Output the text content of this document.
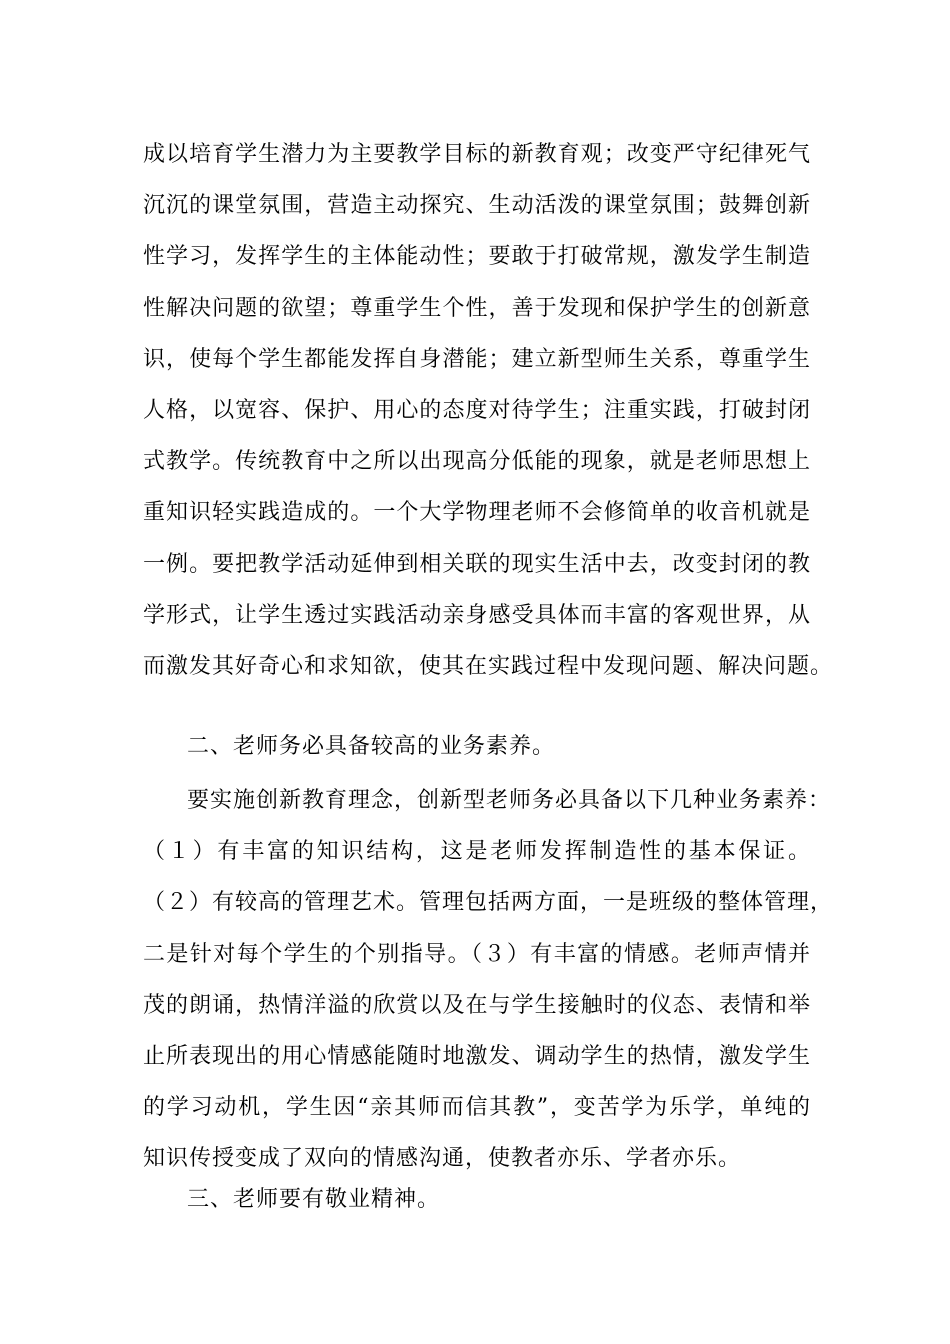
成以培育学生潜力为主要教学目标的新教育观；改变严守纪律死气
沉沉的课堂氛围，营造主动探究、生动活泼的课堂氛围；鼓舞创新
性学习，发挥学生的主体能动性；要敢于打破常规，激发学生制造
性解决问题的欲望；尊重学生个性，善于发现和保护学生的创新意
识，使每个学生都能发挥自身潜能；建立新型师生关系，尊重学生
人格，以宽容、保护、用心的态度对待学生；注重实践，打破封闭
式教学。传统教育中之所以出现高分低能的现象，就是老师思想上
重知识轻实践造成的。一个大学物理老师不会修简单的收音机就是
一例。要把教学活动延伸到相关联的现实生活中去，改变封闭的教
学形式，让学生透过实践活动亲身感受具体而丰富的客观世界，从
而激发其好奇心和求知欲，使其在实践过程中发现问题、解决问题。
二、老师务必具备较高的业务素养。
要实施创新教育理念，创新型老师务必具备以下几种业务素养：
（１）有丰富的知识结构，这是老师发挥制造性的基本保证。
（２）有较高的管理艺术。管理包括两方面，一是班级的整体管理，
二是针对每个学生的个别指导。（３）有丰富的情感。老师声情并
茂的朗诵，热情洋溢的欣赏以及在与学生接触时的仪态、表情和举
止所表现出的用心情感能随时地激发、调动学生的热情，激发学生
的学习动机，学生因“亲其师而信其教”，变苦学为乐学，单纯的
知识传授变成了双向的情感沟通，使教者亦乐、学者亦乐。
三、老师要有敬业精神。
